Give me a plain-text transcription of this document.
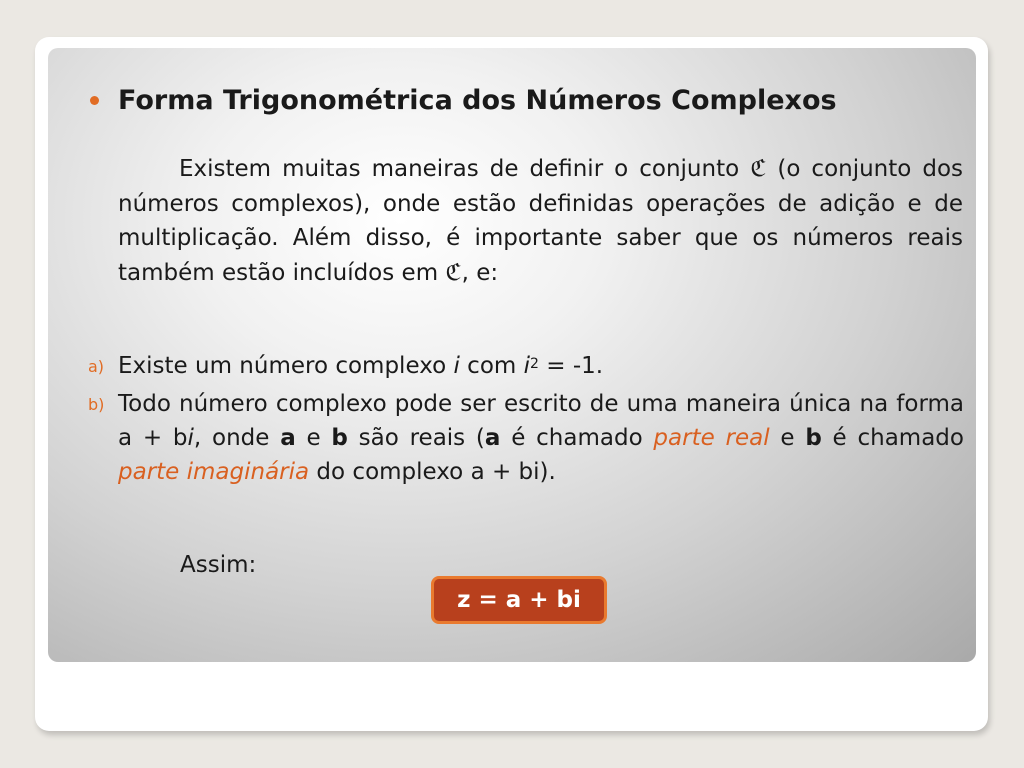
Forma Trigonométrica dos Números Complexos

Existem muitas maneiras de definir o conjunto ℭ (o conjunto dos números complexos), onde estão definidas operações de adição e de multiplicação. Além disso, é importante saber que os números reais também estão incluídos em ℭ, e:

a) Existe um número complexo i com $i^2 = -1$.
b) Todo número complexo pode ser escrito de uma maneira única na forma a + bi, onde a e b são reais (a é chamado parte real e b é chamado parte imaginária do complexo a + bi).
Assim:
z = a + bi
